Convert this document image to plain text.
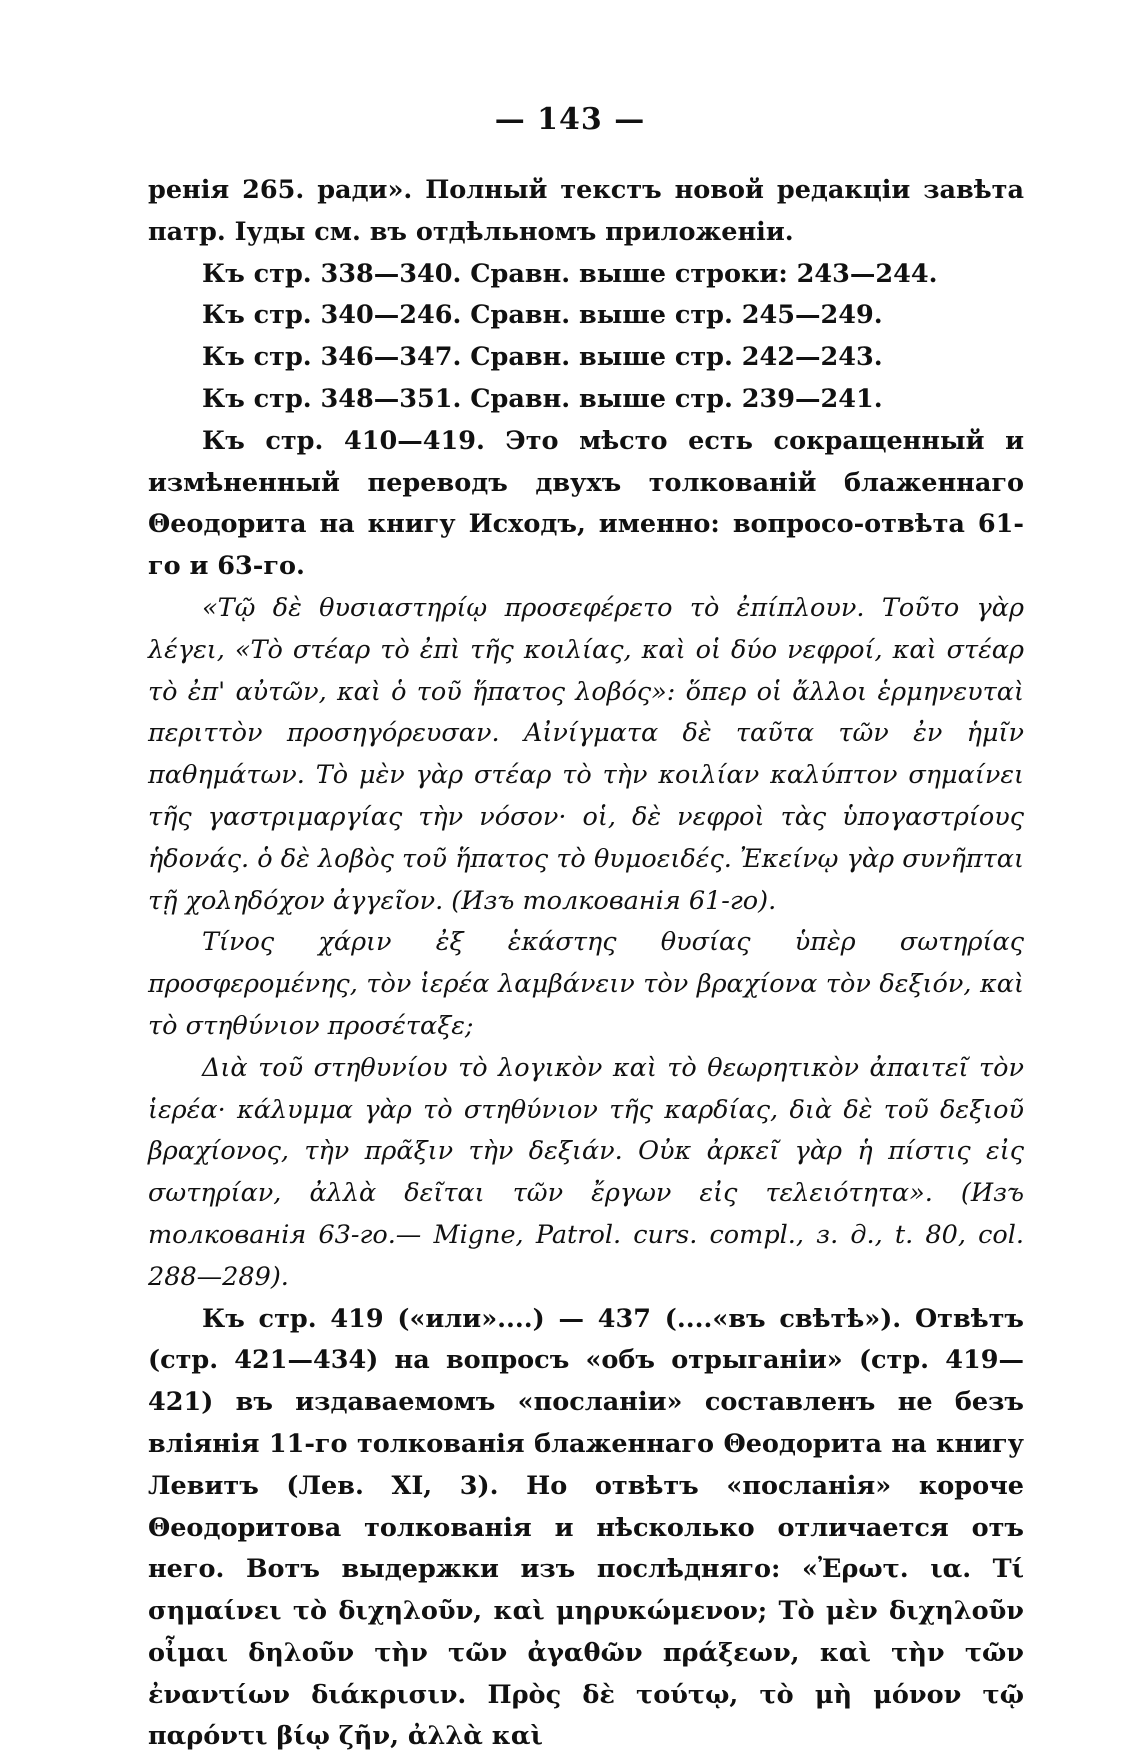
— 143 —

ренія 265. ради». Полный текстъ новой редакціи завѣта патр. Іуды см. въ отдѣльномъ приложеніи.

Къ стр. 338—340. Сравн. выше строки: 243—244.

Къ стр. 340—246. Сравн. выше стр. 245—249.

Къ стр. 346—347. Сравн. выше стр. 242—243.

Къ стр. 348—351. Сравн. выше стр. 239—241.

Къ стр. 410—419. Это мѣсто есть сокращенный и измѣненный переводъ двухъ толкованій блаженнаго Θеодорита на книгу Исходъ, именно: вопросо-отвѣта 61-го и 63-го.

«Τῷ δὲ θυσιαστηρίῳ προσεφέρετο τὸ ἐπίπλουν. Τοῦτο γὰρ λέγει, «Τὸ στέαρ τὸ ἐπὶ τῆς κοιλίας, καὶ οἱ δύο νεφροί, καὶ στέαρ τὸ ἐπ' αὐτῶν, καὶ ὁ τοῦ ἥπατος λοβός»: ὅπερ οἱ ἄλλοι ἑρμηνευταὶ περιττὸν προσηγόρευσαν. Αἰνίγματα δὲ ταῦτα τῶν ἐν ἡμῖν παθημάτων. Τὸ μὲν γὰρ στέαρ τὸ τὴν κοιλίαν καλύπτον σημαίνει τῆς γαστριμαργίας τὴν νόσον· οἱ, δὲ νεφροὶ τὰς ὑπογαστρίους ἡδονάς. ὁ δὲ λοβὸς τοῦ ἥπατος τὸ θυμοειδές. Ἐκείνῳ γὰρ συνῆπται τῇ χοληδόχον ἀγγεῖον. (Изъ толкованія 61-го).

Τίνος χάριν ἐξ ἑκάστης θυσίας ὑπὲρ σωτηρίας προσφερομένης, τὸν ἱερέα λαμβάνειν τὸν βραχίονα τὸν δεξιόν, καὶ τὸ στηθύνιον προσέταξε;

Διὰ τοῦ στηθυνίου τὸ λογικὸν καὶ τὸ θεωρητικὸν ἀπαιτεῖ τὸν ἱερέα· κάλυμμα γὰρ τὸ στηθύνιον τῆς καρδίας, διὰ δὲ τοῦ δεξιοῦ βραχίονος, τὴν πρᾶξιν τὴν δεξιάν. Οὐκ ἀρκεῖ γὰρ ἡ πίστις εἰς σωτηρίαν, ἀλλὰ δεῖται τῶν ἔργων εἰς τελειότητα». (Изъ толкованія 63-го.— Migne, Patrol. curs. compl., з. д., t. 80, col. 288—289).

Къ стр. 419 («или»....) — 437 (....«въ свѣтѣ»). Отвѣтъ (стр. 421—434) на вопросъ «объ отрыганіи» (стр. 419—421) въ издаваемомъ «посланіи» составленъ не безъ вліянія 11-го толкованія блаженнаго Θеодорита на книгу Левитъ (Лев. XI, 3). Но отвѣтъ «посланія» короче Θеодоритова толкованія и нѣсколько отличается отъ него. Вотъ выдержки изъ послѣдняго: «Ἐρωτ. ια. Τί σημαίνει τὸ διχηλοῦν, καὶ μηρυκώμενον; Τὸ μὲν διχηλοῦν οἶμαι δηλοῦν τὴν τῶν ἀγαθῶν πράξεων, καὶ τὴν τῶν ἐναντίων διάκρισιν. Πρὸς δὲ τούτῳ, τὸ μὴ μόνον τῷ παρόντι βίῳ ζῆν, ἀλλὰ καὶ
